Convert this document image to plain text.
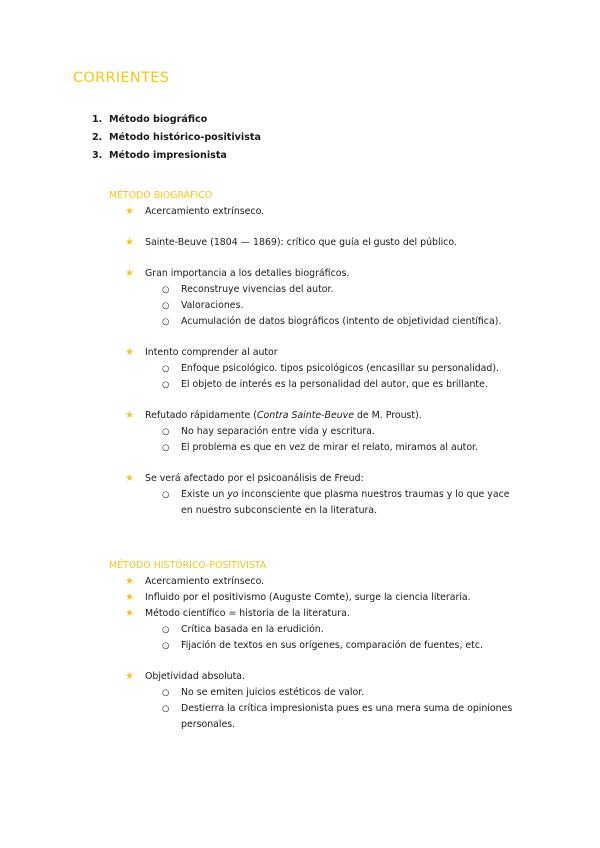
CORRIENTES
1. Método biográfico
2. Método histórico-positivista
3. Método impresionista
MÉTODO BIOGRÁFICO
★ Acercamiento extrínseco.
★ Sainte-Beuve (1804 — 1869): crítico que guía el gusto del público.
★ Gran importancia a los detalles biográficos.
○ Reconstruye vivencias del autor.
○ Valoraciones.
○ Acumulación de datos biográficos (intento de objetividad científica).
★ Intento comprender al autor
○ Enfoque psicológico. tipos psicológicos (encasillar su personalidad).
○ El objeto de interés es la personalidad del autor, que es brillante.
★ Refutado rápidamente (Contra Sainte-Beuve de M. Proust).
○ No hay separación entre vida y escritura.
○ El problema es que en vez de mirar el relato, miramos al autor.
★ Se verá afectado por el psicoanálisis de Freud:
○ Existe un yo inconsciente que plasma nuestros traumas y lo que yace en nuestro subconsciente en la literatura.
MÉTODO HISTÓRICO-POSITIVISTA
★ Acercamiento extrínseco.
★ Influido por el positivismo (Auguste Comte), surge la ciencia literaria.
★ Método científico = historia de la literatura.
○ Crítica basada en la erudición.
○ Fijación de textos en sus orígenes, comparación de fuentes, etc.
★ Objetividad absoluta.
○ No se emiten juicios estéticos de valor.
○ Destierra la crítica impresionista pues es una mera suma de opiniones personales.
